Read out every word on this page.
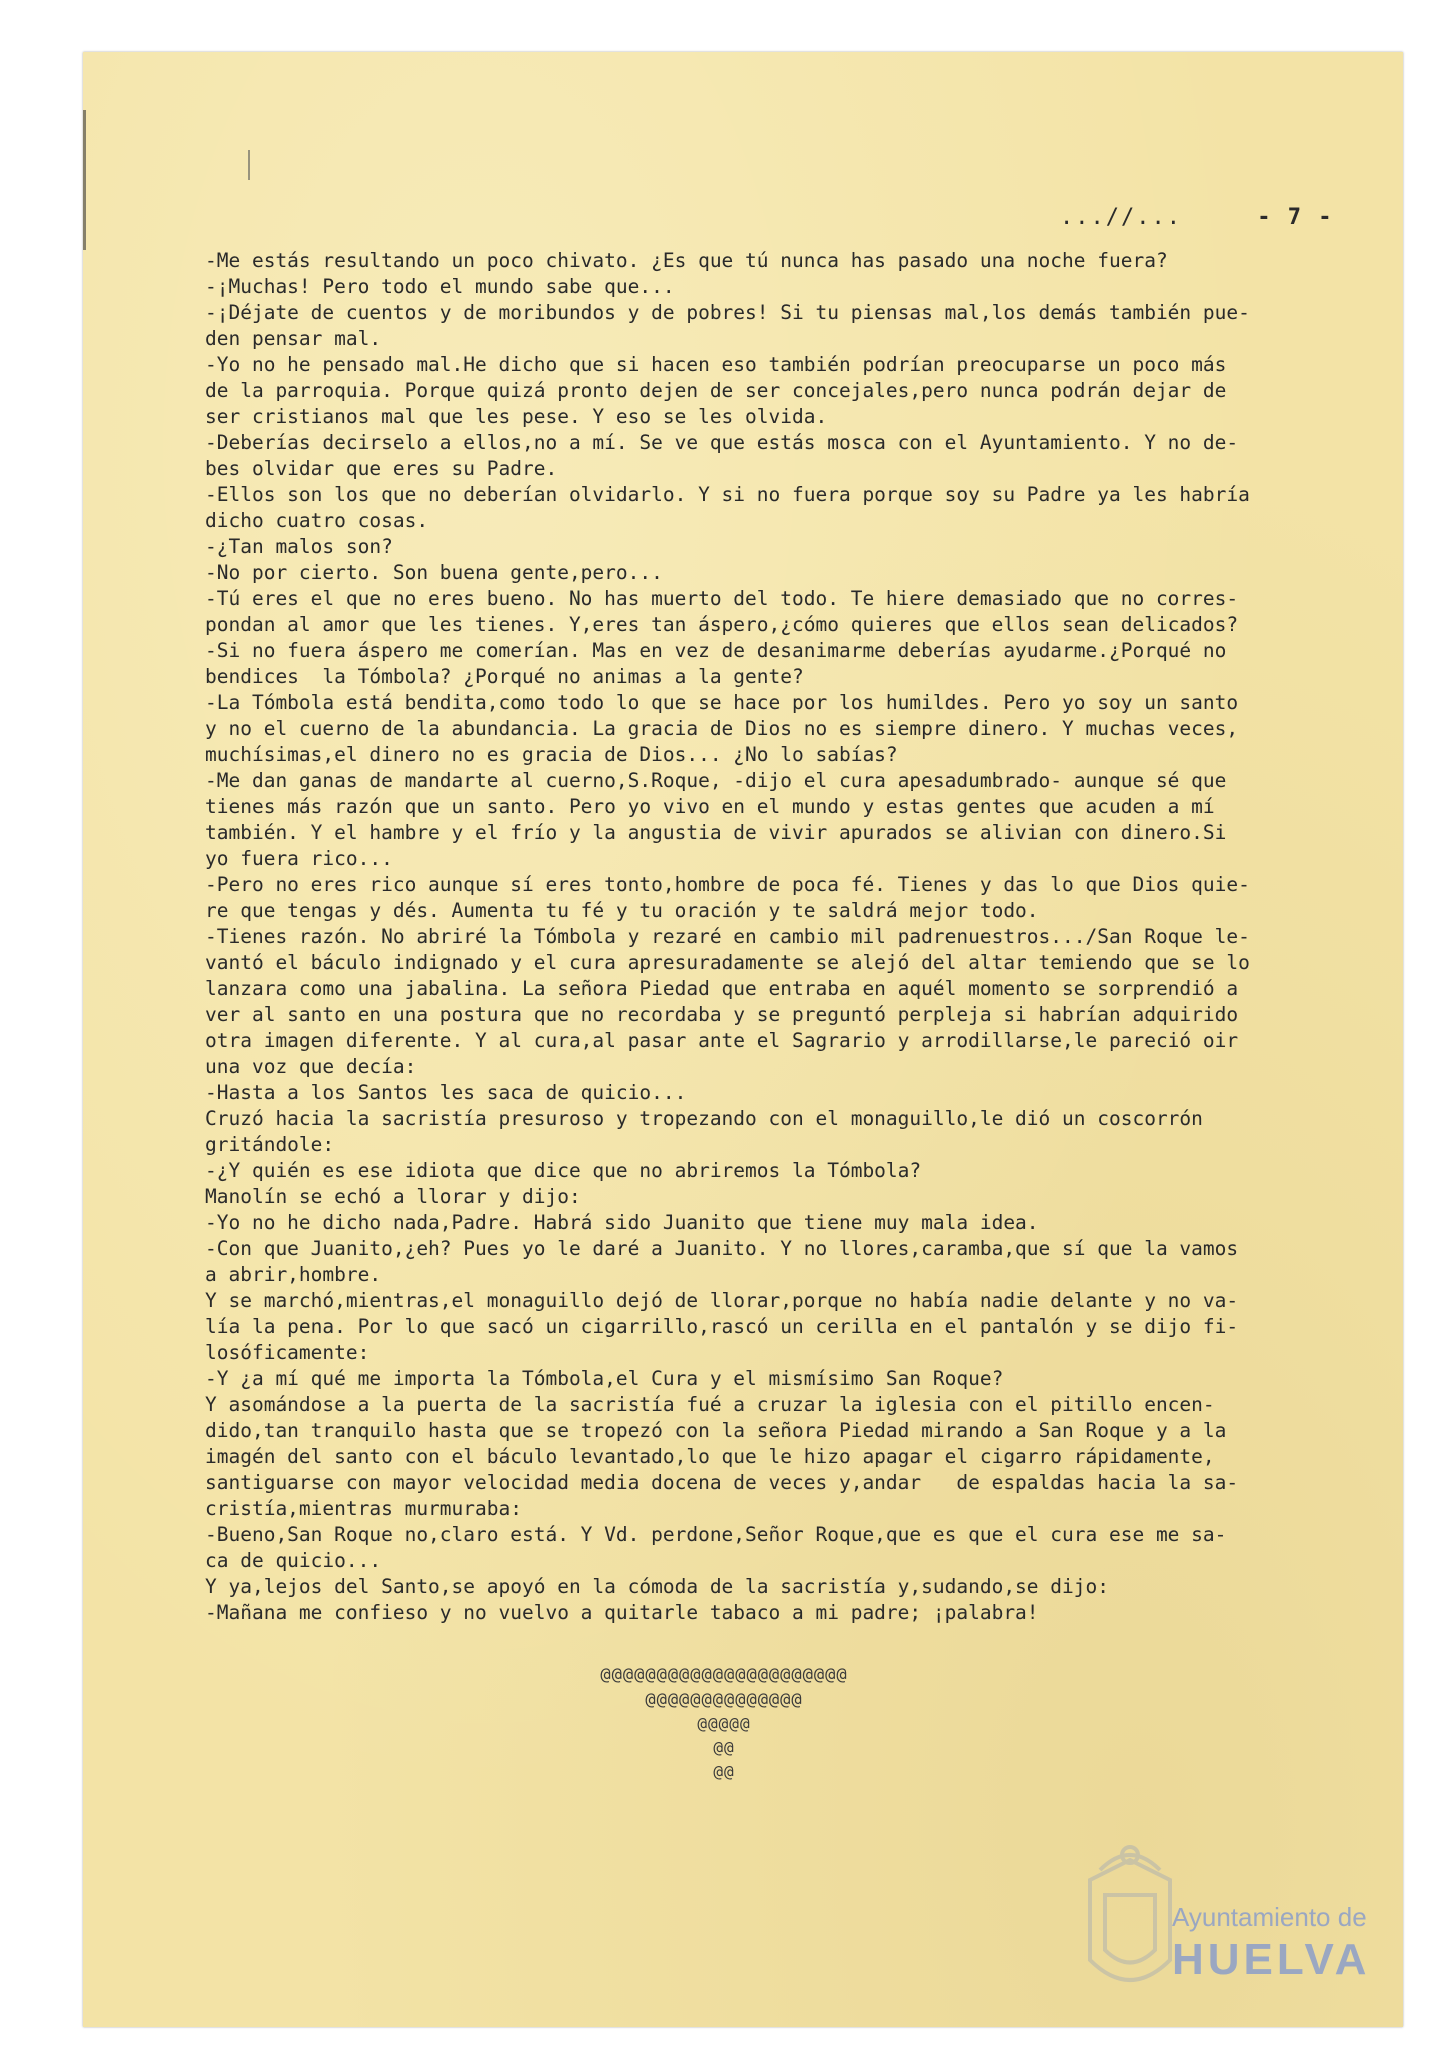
...//...	- 7 -
-Me estás resultando un poco chivato. ¿Es que tú nunca has pasado una noche fuera?
-¡Muchas! Pero todo el mundo sabe que...
-¡Déjate de cuentos y de moribundos y de pobres! Si tu piensas mal,los demás también pue-
den pensar mal.
-Yo no he pensado mal.He dicho que si hacen eso también podrían preocuparse un poco más
de la parroquia. Porque quizá pronto dejen de ser concejales,pero nunca podrán dejar de
ser cristianos mal que les pese. Y eso se les olvida.
-Deberías decirselo a ellos,no a mí. Se ve que estás mosca con el Ayuntamiento. Y no de-
bes olvidar que eres su Padre.
-Ellos son los que no deberían olvidarlo. Y si no fuera porque soy su Padre ya les habría
dicho cuatro cosas.
-¿Tan malos son?
-No por cierto. Son buena gente,pero...
-Tú eres el que no eres bueno. No has muerto del todo. Te hiere demasiado que no corres-
pondan al amor que les tienes. Y,eres tan áspero,¿cómo quieres que ellos sean delicados?
-Si no fuera áspero me comerían. Mas en vez de desanimarme deberías ayudarme.¿Porqué no
bendices  la Tómbola? ¿Porqué no animas a la gente?
-La Tómbola está bendita,como todo lo que se hace por los humildes. Pero yo soy un santo
y no el cuerno de la abundancia. La gracia de Dios no es siempre dinero. Y muchas veces,
muchísimas,el dinero no es gracia de Dios... ¿No lo sabías?
-Me dan ganas de mandarte al cuerno,S.Roque, -dijo el cura apesadumbrado- aunque sé que
tienes más razón que un santo. Pero yo vivo en el mundo y estas gentes que acuden a mí
también. Y el hambre y el frío y la angustia de vivir apurados se alivian con dinero.Si
yo fuera rico...
-Pero no eres rico aunque sí eres tonto,hombre de poca fé. Tienes y das lo que Dios quie-
re que tengas y dés. Aumenta tu fé y tu oración y te saldrá mejor todo.
-Tienes razón. No abriré la Tómbola y rezaré en cambio mil padrenuestros.../San Roque le-
vantó el báculo indignado y el cura apresuradamente se alejó del altar temiendo que se lo
lanzara como una jabalina. La señora Piedad que entraba en aquél momento se sorprendió a
ver al santo en una postura que no recordaba y se preguntó perpleja si habrían adquirido
otra imagen diferente. Y al cura,al pasar ante el Sagrario y arrodillarse,le pareció oir
una voz que decía:
-Hasta a los Santos les saca de quicio...
Cruzó hacia la sacristía presuroso y tropezando con el monaguillo,le dió un coscorrón
gritándole:
-¿Y quién es ese idiota que dice que no abriremos la Tómbola?
Manolín se echó a llorar y dijo:
-Yo no he dicho nada,Padre. Habrá sido Juanito que tiene muy mala idea.
-Con que Juanito,¿eh? Pues yo le daré a Juanito. Y no llores,caramba,que sí que la vamos
a abrir,hombre.
Y se marchó,mientras,el monaguillo dejó de llorar,porque no había nadie delante y no va-
lía la pena. Por lo que sacó un cigarrillo,rascó un cerilla en el pantalón y se dijo fi-
losóficamente:
-Y ¿a mí qué me importa la Tómbola,el Cura y el mismísimo San Roque?
Y asomándose a la puerta de la sacristía fué a cruzar la iglesia con el pitillo encen-
dido,tan tranquilo hasta que se tropezó con la señora Piedad mirando a San Roque y a la
imagén del santo con el báculo levantado,lo que le hizo apagar el cigarro rápidamente,
santiguarse con mayor velocidad media docena de veces y,andar   de espaldas hacia la sa-
cristía,mientras murmuraba:
-Bueno,San Roque no,claro está. Y Vd. perdone,Señor Roque,que es que el cura ese me sa-
ca de quicio...
Y ya,lejos del Santo,se apoyó en la cómoda de la sacristía y,sudando,se dijo:
-Mañana me confieso y no vuelvo a quitarle tabaco a mi padre; ¡palabra!
@@@@@@@@@@@@@@@@@@@@@@
@@@@@@@@@@@@@@
@@@@@
@@
@@
Ayuntamiento de
HUELVA
